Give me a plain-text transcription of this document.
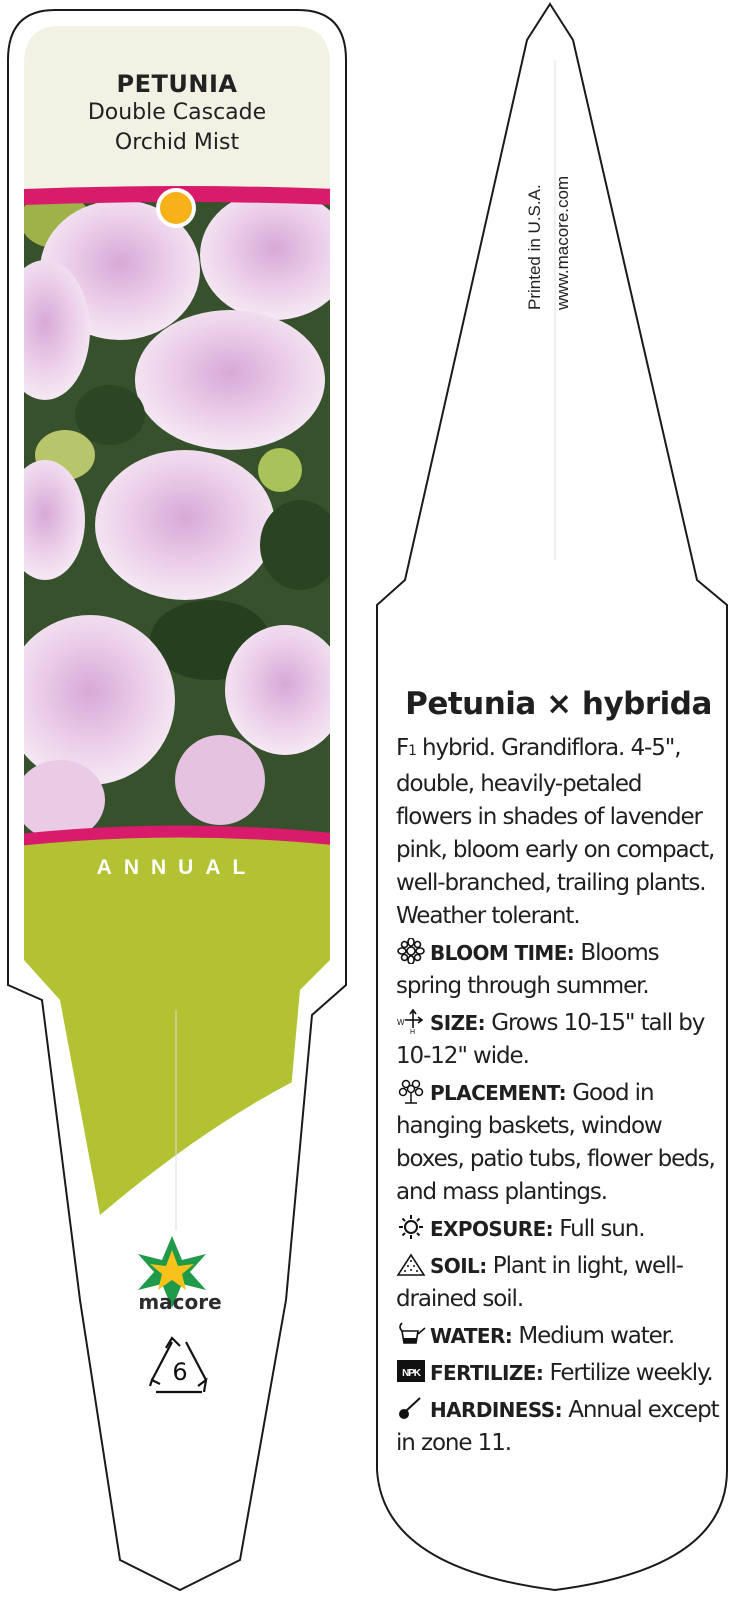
PETUNIA
Double Cascade
Orchid Mist
ANNUAL
macore
6
Printed in U.S.A. www.macore.com
Petunia × hybrida

F1 hybrid. Grandiflora. 4-5", double, heavily-petaled flowers in shades of lavender pink, bloom early on compact, well-branched, trailing plants. Weather tolerant.

BLOOM TIME: Blooms spring through summer.

W
H SIZE: Grows 10-15" tall by 10-12" wide.

PLACEMENT: Good in hanging baskets, window boxes, patio tubs, flower beds, and mass plantings.

EXPOSURE: Full sun.

SOIL: Plant in light, well-drained soil.

WATER: Medium water.

NPK FERTILIZE: Fertilize weekly.

HARDINESS: Annual except in zone 11.
